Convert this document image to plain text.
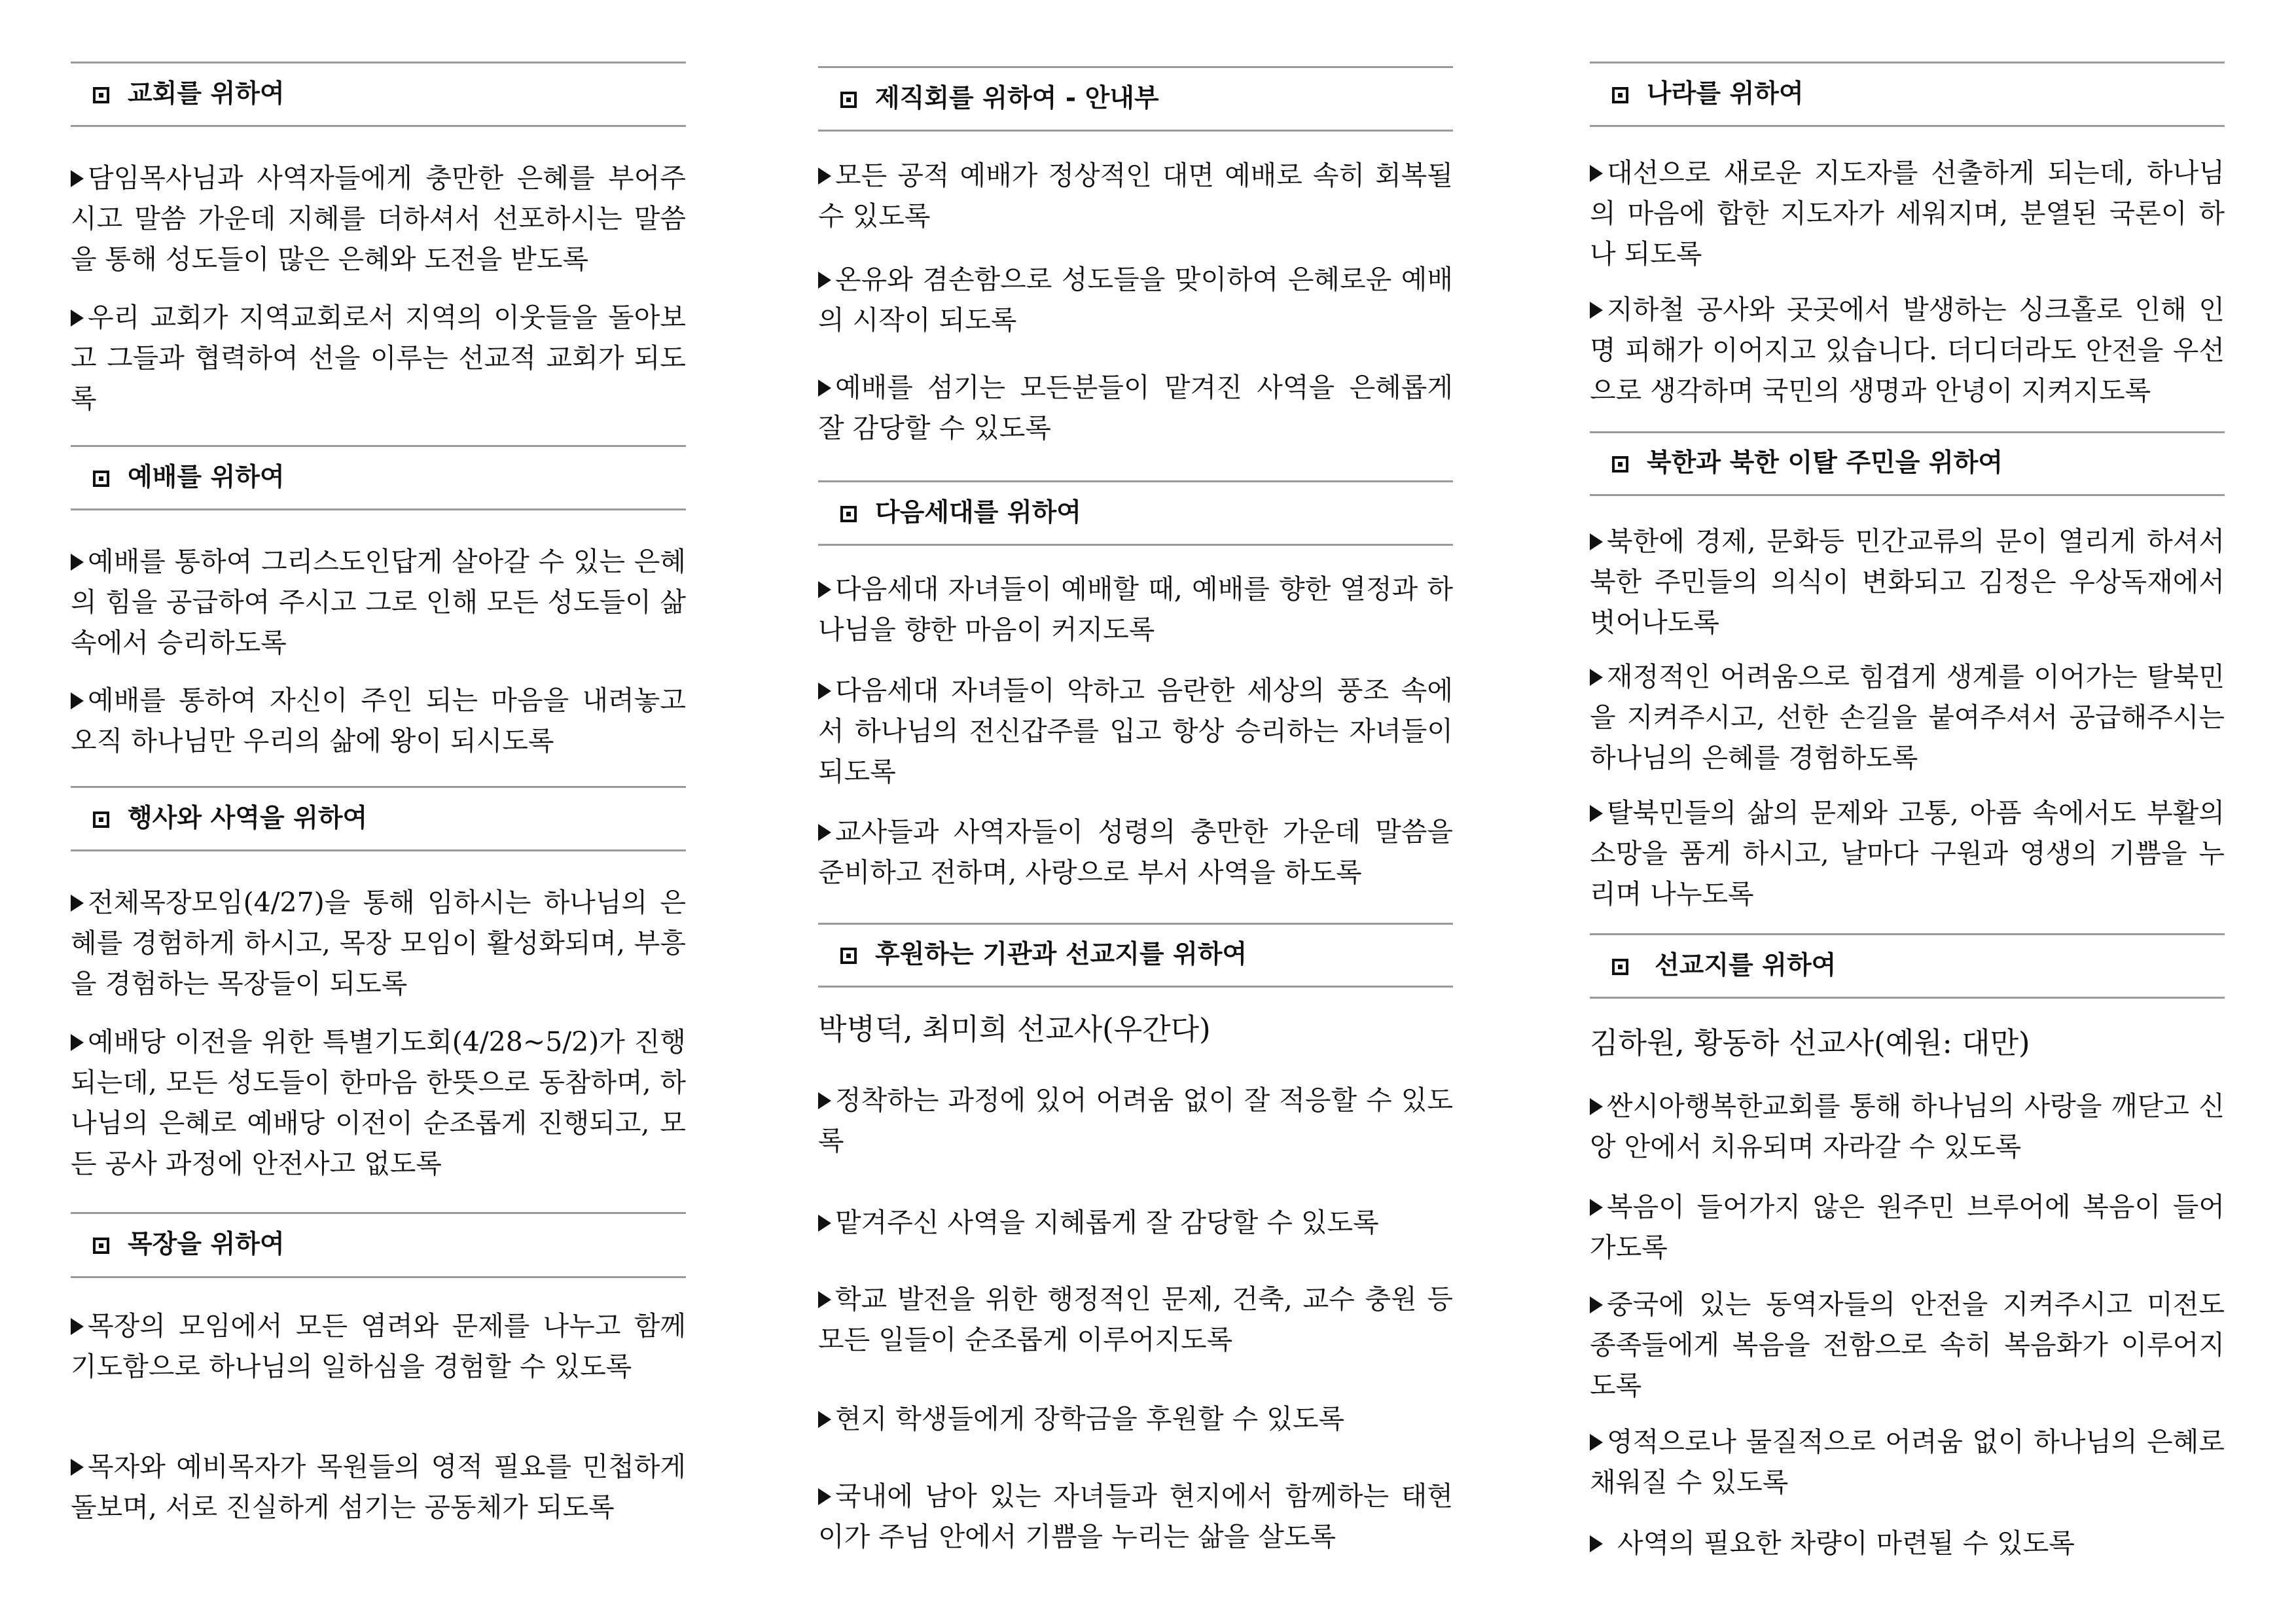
교회를 위하여
담임목사님과 사역자들에게 충만한 은혜를 부어주시고 말씀 가운데 지혜를 더하셔서 선포하시는 말씀을 통해 성도들이 많은 은혜와 도전을 받도록
우리 교회가 지역교회로서 지역의 이웃들을 돌아보고 그들과 협력하여 선을 이루는 선교적 교회가 되도록
예배를 위하여
예배를 통하여 그리스도인답게 살아갈 수 있는 은혜의 힘을 공급하여 주시고 그로 인해 모든 성도들이 삶 속에서 승리하도록
예배를 통하여 자신이 주인 되는 마음을 내려놓고 오직 하나님만 우리의 삶에 왕이 되시도록
행사와 사역을 위하여
전체목장모임(4/27)을 통해 임하시는 하나님의 은혜를 경험하게 하시고, 목장 모임이 활성화되며, 부흥을 경험하는 목장들이 되도록
예배당 이전을 위한 특별기도회(4/28~5/2)가 진행되는데, 모든 성도들이 한마음 한뜻으로 동참하며, 하나님의 은혜로 예배당 이전이 순조롭게 진행되고, 모든 공사 과정에 안전사고 없도록
목장을 위하여
목장의 모임에서 모든 염려와 문제를 나누고 함께 기도함으로 하나님의 일하심을 경험할 수 있도록
목자와 예비목자가 목원들의 영적 필요를 민첩하게 돌보며, 서로 진실하게 섬기는 공동체가 되도록
제직회를 위하여 - 안내부
모든 공적 예배가 정상적인 대면 예배로 속히 회복될 수 있도록
온유와 겸손함으로 성도들을 맞이하여 은혜로운 예배의 시작이 되도록
예배를 섬기는 모든분들이 맡겨진 사역을 은혜롭게 잘 감당할 수 있도록
다음세대를 위하여
다음세대 자녀들이 예배할 때, 예배를 향한 열정과 하나님을 향한 마음이 커지도록
다음세대 자녀들이 악하고 음란한 세상의 풍조 속에서 하나님의 전신갑주를 입고 항상 승리하는 자녀들이 되도록
교사들과 사역자들이 성령의 충만한 가운데 말씀을 준비하고 전하며, 사랑으로 부서 사역을 하도록
후원하는 기관과 선교지를 위하여
박병덕, 최미희 선교사(우간다)
정착하는 과정에 있어 어려움 없이 잘 적응할 수 있도록
맡겨주신 사역을 지혜롭게 잘 감당할 수 있도록
학교 발전을 위한 행정적인 문제, 건축, 교수 충원 등 모든 일들이 순조롭게 이루어지도록
현지 학생들에게 장학금을 후원할 수 있도록
국내에 남아 있는 자녀들과 현지에서 함께하는 태현이가 주님 안에서 기쁨을 누리는 삶을 살도록
나라를 위하여
대선으로 새로운 지도자를 선출하게 되는데, 하나님의 마음에 합한 지도자가 세워지며, 분열된 국론이 하나 되도록
지하철 공사와 곳곳에서 발생하는 싱크홀로 인해 인명 피해가 이어지고 있습니다. 더디더라도 안전을 우선으로 생각하며 국민의 생명과 안녕이 지켜지도록
북한과 북한 이탈 주민을 위하여
북한에 경제, 문화등 민간교류의 문이 열리게 하셔서 북한 주민들의 의식이 변화되고 김정은 우상독재에서 벗어나도록
재정적인 어려움으로 힘겹게 생계를 이어가는 탈북민을 지켜주시고, 선한 손길을 붙여주셔서 공급해주시는 하나님의 은혜를 경험하도록
탈북민들의 삶의 문제와 고통, 아픔 속에서도 부활의 소망을 품게 하시고, 날마다 구원과 영생의 기쁨을 누리며 나누도록
선교지를 위하여
김하원, 황동하 선교사(예원: 대만)
싼시아행복한교회를 통해 하나님의 사랑을 깨닫고 신앙 안에서 치유되며 자라갈 수 있도록
복음이 들어가지 않은 원주민 브루어에 복음이 들어가도록
중국에 있는 동역자들의 안전을 지켜주시고 미전도 종족들에게 복음을 전함으로 속히 복음화가 이루어지도록
영적으로나 물질적으로 어려움 없이 하나님의 은혜로 채워질 수 있도록
사역의 필요한 차량이 마련될 수 있도록
